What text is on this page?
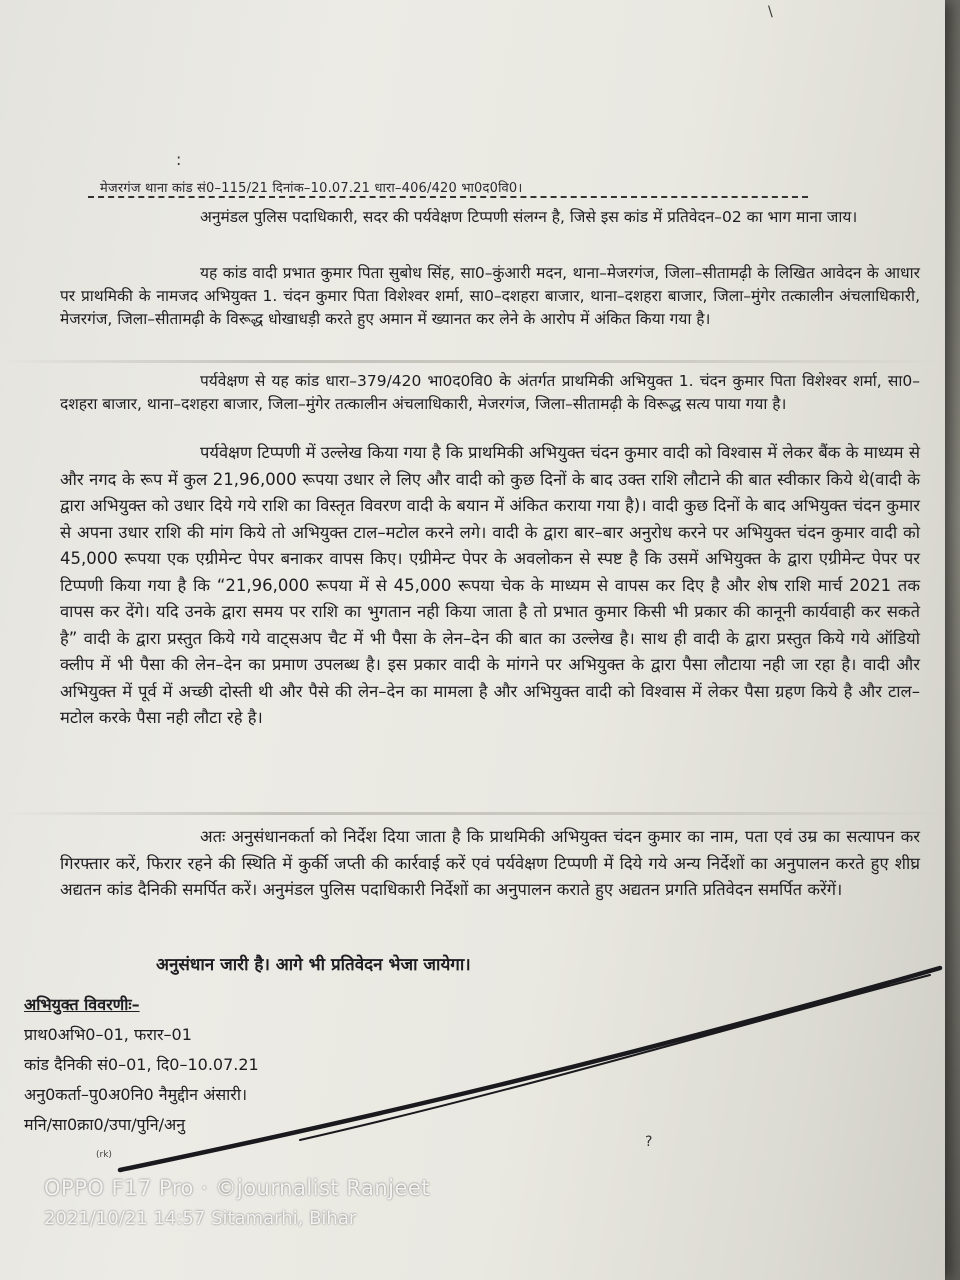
\
:
मेजरगंज थाना कांड सं0–115/21 दिनांक–10.07.21 धारा–406/420 भा0द0वि0।
अनुमंडल पुलिस पदाधिकारी, सदर की पर्यवेक्षण टिप्पणी संलग्न है, जिसे इस कांड में प्रतिवेदन–02 का भाग माना जाय।
यह कांड वादी प्रभात कुमार पिता सुबोध सिंह, सा0–कुंआरी मदन, थाना–मेजरगंज, जिला–सीतामढ़ी के लिखित आवेदन के आधार पर प्राथमिकी के नामजद अभियुक्त 1. चंदन कुमार पिता विशेश्वर शर्मा, सा0–दशहरा बाजार, थाना–दशहरा बाजार, जिला–मुंगेर तत्कालीन अंचलाधिकारी, मेजरगंज, जिला–सीतामढ़ी के विरूद्ध धोखाधड़ी करते हुए अमान में ख्यानत कर लेने के आरोप में अंकित किया गया है।
पर्यवेक्षण से यह कांड धारा–379/420 भा0द0वि0 के अंतर्गत प्राथमिकी अभियुक्त 1. चंदन कुमार पिता विशेश्वर शर्मा, सा0–दशहरा बाजार, थाना–दशहरा बाजार, जिला–मुंगेर तत्कालीन अंचलाधिकारी, मेजरगंज, जिला–सीतामढ़ी के विरूद्ध सत्य पाया गया है।
पर्यवेक्षण टिप्पणी में उल्लेख किया गया है कि प्राथमिकी अभियुक्त चंदन कुमार वादी को विश्वास में लेकर बैंक के माध्यम से और नगद के रूप में कुल 21,96,000 रूपया उधार ले लिए और वादी को कुछ दिनों के बाद उक्त राशि लौटाने की बात स्वीकार किये थे(वादी के द्वारा अभियुक्त को उधार दिये गये राशि का विस्तृत विवरण वादी के बयान में अंकित कराया गया है)। वादी कुछ दिनों के बाद अभियुक्त चंदन कुमार से अपना उधार राशि की मांग किये तो अभियुक्त टाल–मटोल करने लगे। वादी के द्वारा बार–बार अनुरोध करने पर अभियुक्त चंदन कुमार वादी को 45,000 रूपया एक एग्रीमेन्ट पेपर बनाकर वापस किए। एग्रीमेन्ट पेपर के अवलोकन से स्पष्ट है कि उसमें अभियुक्त के द्वारा एग्रीमेन्ट पेपर पर टिप्पणी किया गया है कि “21,96,000 रूपया में से 45,000 रूपया चेक के माध्यम से वापस कर दिए है और शेष राशि मार्च 2021 तक वापस कर देंगे। यदि उनके द्वारा समय पर राशि का भुगतान नही किया जाता है तो प्रभात कुमार किसी भी प्रकार की कानूनी कार्यवाही कर सकते है” वादी के द्वारा प्रस्तुत किये गये वाट्सअप चैट में भी पैसा के लेन–देन की बात का उल्लेख है। साथ ही वादी के द्वारा प्रस्तुत किये गये ऑडियो क्लीप में भी पैसा की लेन–देन का प्रमाण उपलब्ध है। इस प्रकार वादी के मांगने पर अभियुक्त के द्वारा पैसा लौटाया नही जा रहा है। वादी और अभियुक्त में पूर्व में अच्छी दोस्ती थी और पैसे की लेन–देन का मामला है और अभियुक्त वादी को विश्वास में लेकर पैसा ग्रहण किये है और टाल–मटोल करके पैसा नही लौटा रहे है।
अतः अनुसंधानकर्ता को निर्देश दिया जाता है कि प्राथमिकी अभियुक्त चंदन कुमार का नाम, पता एवं उम्र का सत्यापन कर गिरफ्तार करें, फिरार रहने की स्थिति में कुर्की जप्ती की कार्रवाई करें एवं पर्यवेक्षण टिप्पणी में दिये गये अन्य निर्देशों का अनुपालन करते हुए शीघ्र अद्यतन कांड दैनिकी समर्पित करें। अनुमंडल पुलिस पदाधिकारी निर्देशों का अनुपालन कराते हुए अद्यतन प्रगति प्रतिवेदन समर्पित करेंगें।
अनुसंधान जारी है। आगे भी प्रतिवेदन भेजा जायेगा।
अभियुक्त विवरणीः–
प्राथ0अभि0–01, फरार–01
कांड दैनिकी सं0–01, दि0–10.07.21
अनु0कर्ता–पु0अ0नि0 नैमुद्दीन अंसारी।
मनि/सा0क्रा0/उपा/पुनि/अनु
(rk)
?
OPPO F17 Pro · ©journalist Ranjeet
2021/10/21 14:57 Sitamarhi, Bihar
